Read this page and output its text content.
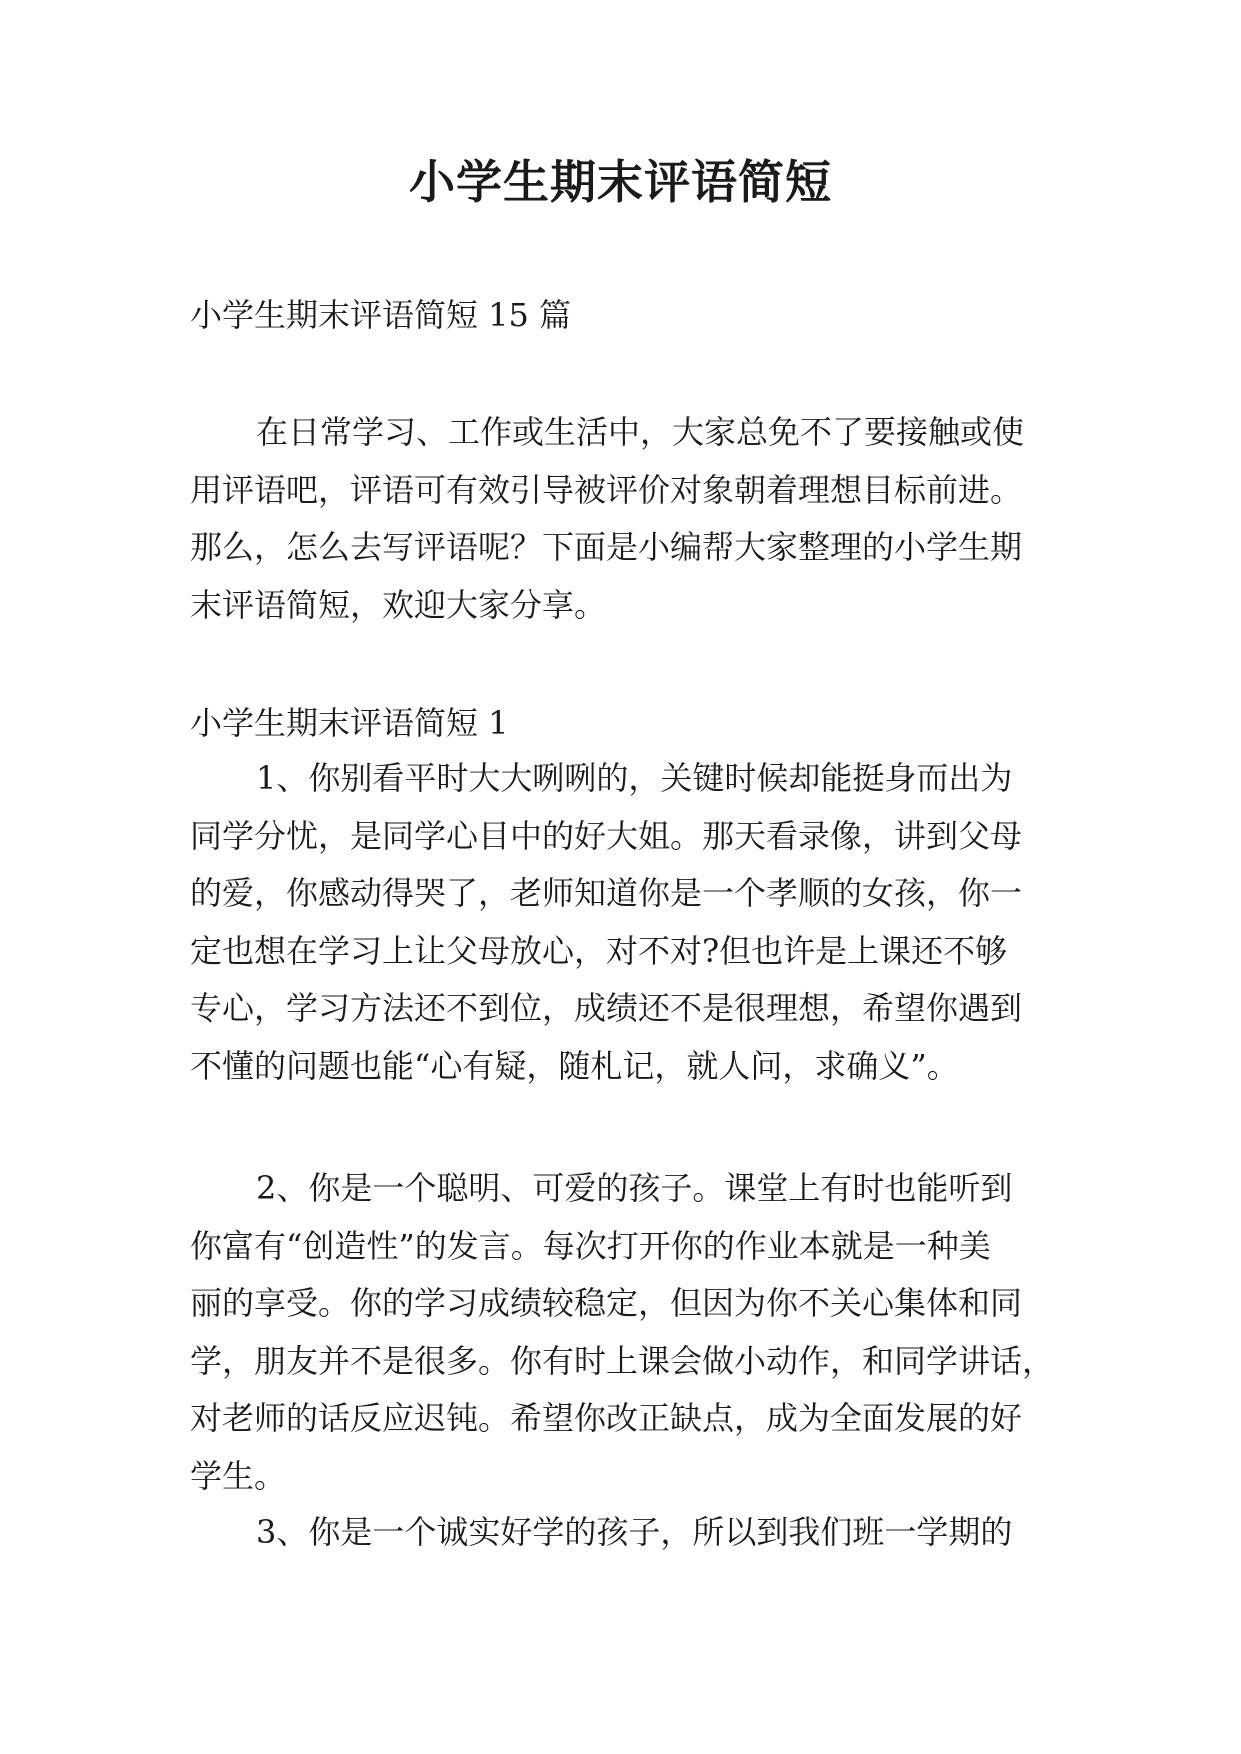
小学生期末评语简短
小学生期末评语简短 15 篇
在日常学习、工作或生活中，大家总免不了要接触或使
用评语吧，评语可有效引导被评价对象朝着理想目标前进。
那么，怎么去写评语呢？下面是小编帮大家整理的小学生期
末评语简短，欢迎大家分享。
小学生期末评语简短 1
1、你别看平时大大咧咧的，关键时候却能挺身而出为
同学分忧，是同学心目中的好大姐。那天看录像，讲到父母
的爱，你感动得哭了，老师知道你是一个孝顺的女孩，你一
定也想在学习上让父母放心，对不对?但也许是上课还不够
专心，学习方法还不到位，成绩还不是很理想，希望你遇到
不懂的问题也能“心有疑，随札记，就人问，求确义”。
2、你是一个聪明、可爱的孩子。课堂上有时也能听到
你富有“创造性”的发言。每次打开你的作业本就是一种美
丽的享受。你的学习成绩较稳定，但因为你不关心集体和同
学，朋友并不是很多。你有时上课会做小动作，和同学讲话，
对老师的话反应迟钝。希望你改正缺点，成为全面发展的好
学生。
3、你是一个诚实好学的孩子，所以到我们班一学期的
